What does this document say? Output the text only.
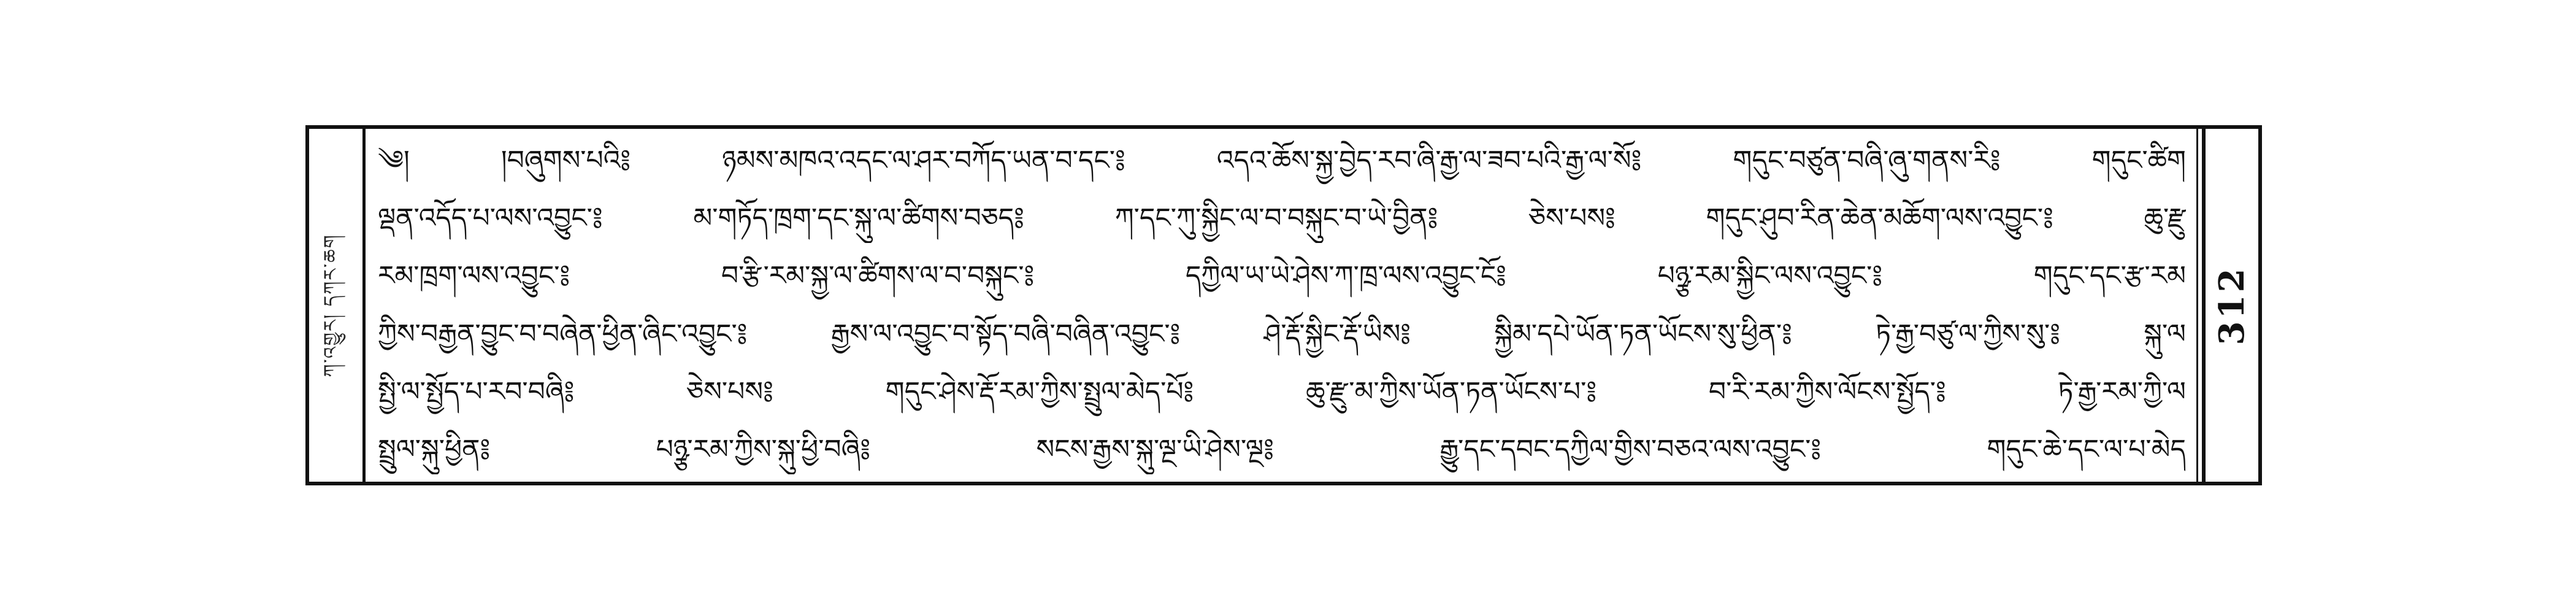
ཀ་འགྱུར། དཀར་ཆག
༄། །བཞུགས་པའི༔ ཉམས་མཁའ་འདང་ལ་ཤར་བཀོད་ཡན་བ་དང་༔ འདའ་ཆོས་སྐྱ་བྱེད་རབ་ཞི་རྒྱ་ལ་ཟབ་པའི་རྒྱ་ལ་སོ༔ གདུང་བཙུན་བཞི་ཞུ་གནས་རི༔ གདུང་ཚིག
ལྡན་འདོད་པ་ལས་འབྱུང་༔ མ་གཏོད་ཁྲག་དང་སྐུ་ལ་ཚིགས་བཅད༔ ཀ་དང་ཀུ་སྐྱིང་ལ་བ་བསྐུང་བ་ཡེ་བྱིན༔ ཅེས་པས༔ གདུང་ཤུབ་རིན་ཆེན་མཆོག་ལས་འབྱུང་༔ ཆུ་རྫུ
རམ་ཁྲག་ལས་འབྱུང་༔ བ་རྩི་རམ་སྐྱ་ལ་ཚིགས་ལ་བ་བསྐུང་༔ དཀྱིལ་ཡ་ཡེ་ཤེས་ཀ་ཁྲ་ལས་འབྱུང་ངོ༔ པཉྩ་རམ་སྐྱིང་ལས་འབྱུང་༔ གདུང་དང་རྩ་རམ
ཀྱིས་བརྒྱན་བྱུང་བ་བཞེན་ཕྱིན་ཞིང་འབྱུང་༔ རྒྱས་ལ་འབྱུང་བ་སྟོད་བཞི་བཞིན་འབྱུང་༔ ཤེ་རྡོ་སྐྱིང་རྡོ་ཡིས༔ སྐྱིམ་དཔེ་ཡོན་ཏན་ཡོངས་སུ་ཕྱིན་༔ ཏེ་རྒྱ་བཙུ་ལ་ཀྱིས་སུ་༔ སྐུ་ལ
སྤྱི་ལ་སྤྱོད་པ་རབ་བཞི༔ ཅེས་པས༔ གདུང་ཤེས་རྡོ་རམ་ཀྱིས་སྤྲུལ་མེད་པོ༔ ཆུ་རྫུ་མ་ཀྱིས་ཡོན་ཏན་ཡོངས་པ་༔ བ་རི་རམ་ཀྱིས་ལོངས་སྤྱོད་༔ ཏེ་རྒྱ་རམ་ཀྱི་ལ
སྤྲུལ་སྐུ་ཕྱིན༔ པཉྩ་རམ་ཀྱིས་སྐུ་ཕྱི་བཞི༔ སངས་རྒྱས་སྐུ་ལྔ་ཡི་ཤེས་ལྔ༔ རྒྱུ་དང་དབང་དཀྱིལ་གྱིས་བཅའ་ལས་འབྱུང་༔ གདུང་ཆེ་དང་ལ་པ་མེད
312
